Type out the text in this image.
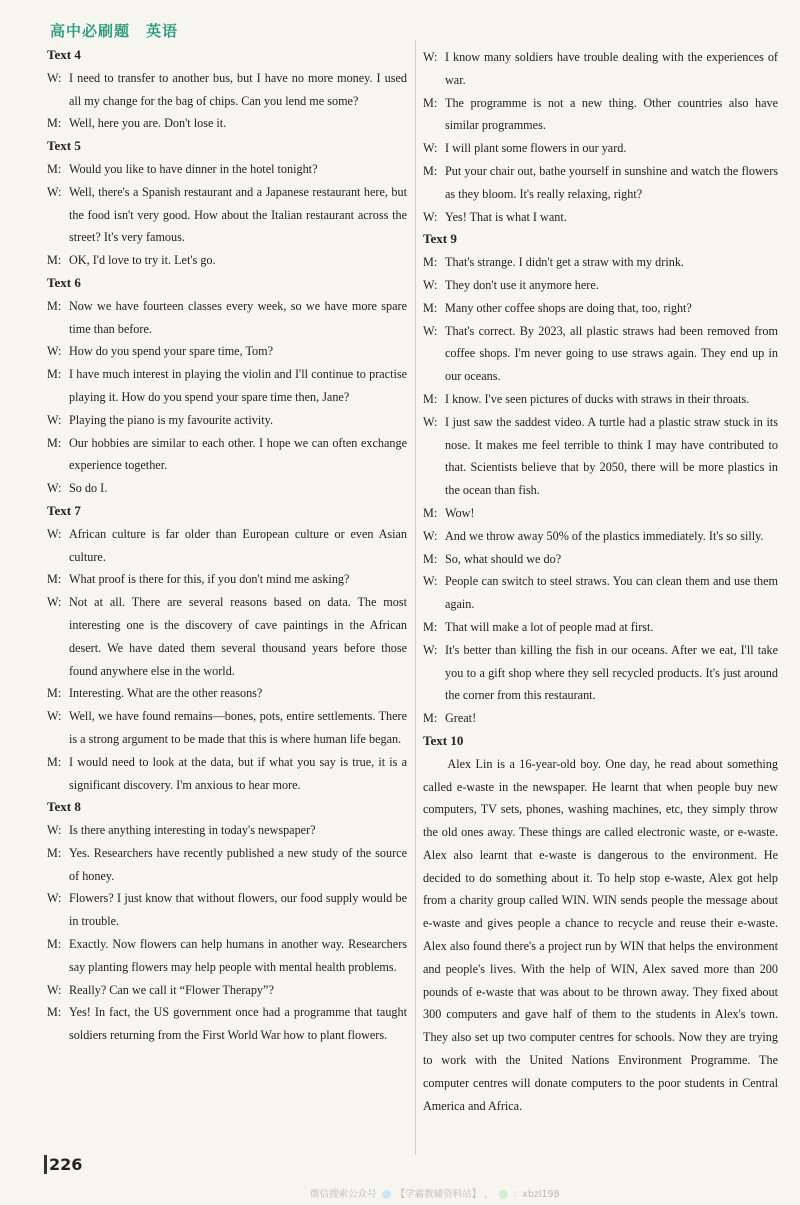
高中必刷题　英语
Text 4
W: I need to transfer to another bus, but I have no more money. I used all my change for the bag of chips. Can you lend me some?
M: Well, here you are. Don't lose it.
Text 5
M: Would you like to have dinner in the hotel tonight?
W: Well, there's a Spanish restaurant and a Japanese restaurant here, but the food isn't very good. How about the Italian restaurant across the street? It's very famous.
M: OK, I'd love to try it. Let's go.
Text 6
M: Now we have fourteen classes every week, so we have more spare time than before.
W: How do you spend your spare time, Tom?
M: I have much interest in playing the violin and I'll continue to practise playing it. How do you spend your spare time then, Jane?
W: Playing the piano is my favourite activity.
M: Our hobbies are similar to each other. I hope we can often exchange experience together.
W: So do I.
Text 7
W: African culture is far older than European culture or even Asian culture.
M: What proof is there for this, if you don't mind me asking?
W: Not at all. There are several reasons based on data. The most interesting one is the discovery of cave paintings in the African desert. We have dated them several thousand years before those found anywhere else in the world.
M: Interesting. What are the other reasons?
W: Well, we have found remains—bones, pots, entire settlements. There is a strong argument to be made that this is where human life began.
M: I would need to look at the data, but if what you say is true, it is a significant discovery. I'm anxious to hear more.
Text 8
W: Is there anything interesting in today's newspaper?
M: Yes. Researchers have recently published a new study of the source of honey.
W: Flowers? I just know that without flowers, our food supply would be in trouble.
M: Exactly. Now flowers can help humans in another way. Researchers say planting flowers may help people with mental health problems.
W: Really? Can we call it “Flower Therapy”?
M: Yes! In fact, the US government once had a programme that taught soldiers returning from the First World War how to plant flowers.
W: I know many soldiers have trouble dealing with the experiences of war.
M: The programme is not a new thing. Other countries also have similar programmes.
W: I will plant some flowers in our yard.
M: Put your chair out, bathe yourself in sunshine and watch the flowers as they bloom. It's really relaxing, right?
W: Yes! That is what I want.
Text 9
M: That's strange. I didn't get a straw with my drink.
W: They don't use it anymore here.
M: Many other coffee shops are doing that, too, right?
W: That's correct. By 2023, all plastic straws had been removed from coffee shops. I'm never going to use straws again. They end up in our oceans.
M: I know. I've seen pictures of ducks with straws in their throats.
W: I just saw the saddest video. A turtle had a plastic straw stuck in its nose. It makes me feel terrible to think I may have contributed to that. Scientists believe that by 2050, there will be more plastics in the ocean than fish.
M: Wow!
W: And we throw away 50% of the plastics immediately. It's so silly.
M: So, what should we do?
W: People can switch to steel straws. You can clean them and use them again.
M: That will make a lot of people mad at first.
W: It's better than killing the fish in our oceans. After we eat, I'll take you to a gift shop where they sell recycled products. It's just around the corner from this restaurant.
M: Great!
Text 10

Alex Lin is a 16-year-old boy. One day, he read about something called e-waste in the newspaper. He learnt that when people buy new computers, TV sets, phones, washing machines, etc, they simply throw the old ones away. These things are called electronic waste, or e-waste. Alex also learnt that e-waste is dangerous to the environment. He decided to do something about it. To help stop e-waste, Alex got help from a charity group called WIN. WIN sends people the message about e-waste and gives people a chance to recycle and reuse their e-waste. Alex also found there's a project run by WIN that helps the environment and people's lives. With the help of WIN, Alex saved more than 200 pounds of e-waste that was about to be thrown away. They fixed about 300 computers and gave half of them to the students in Alex's town. They also set up two computer centres for schools. Now they are trying to work with the United Nations Environment Programme. The computer centres will donate computers to the poor students in Central America and Africa.

226
微信搜索公众号 【学霸教辅资料站】 ， ：xbzl198
